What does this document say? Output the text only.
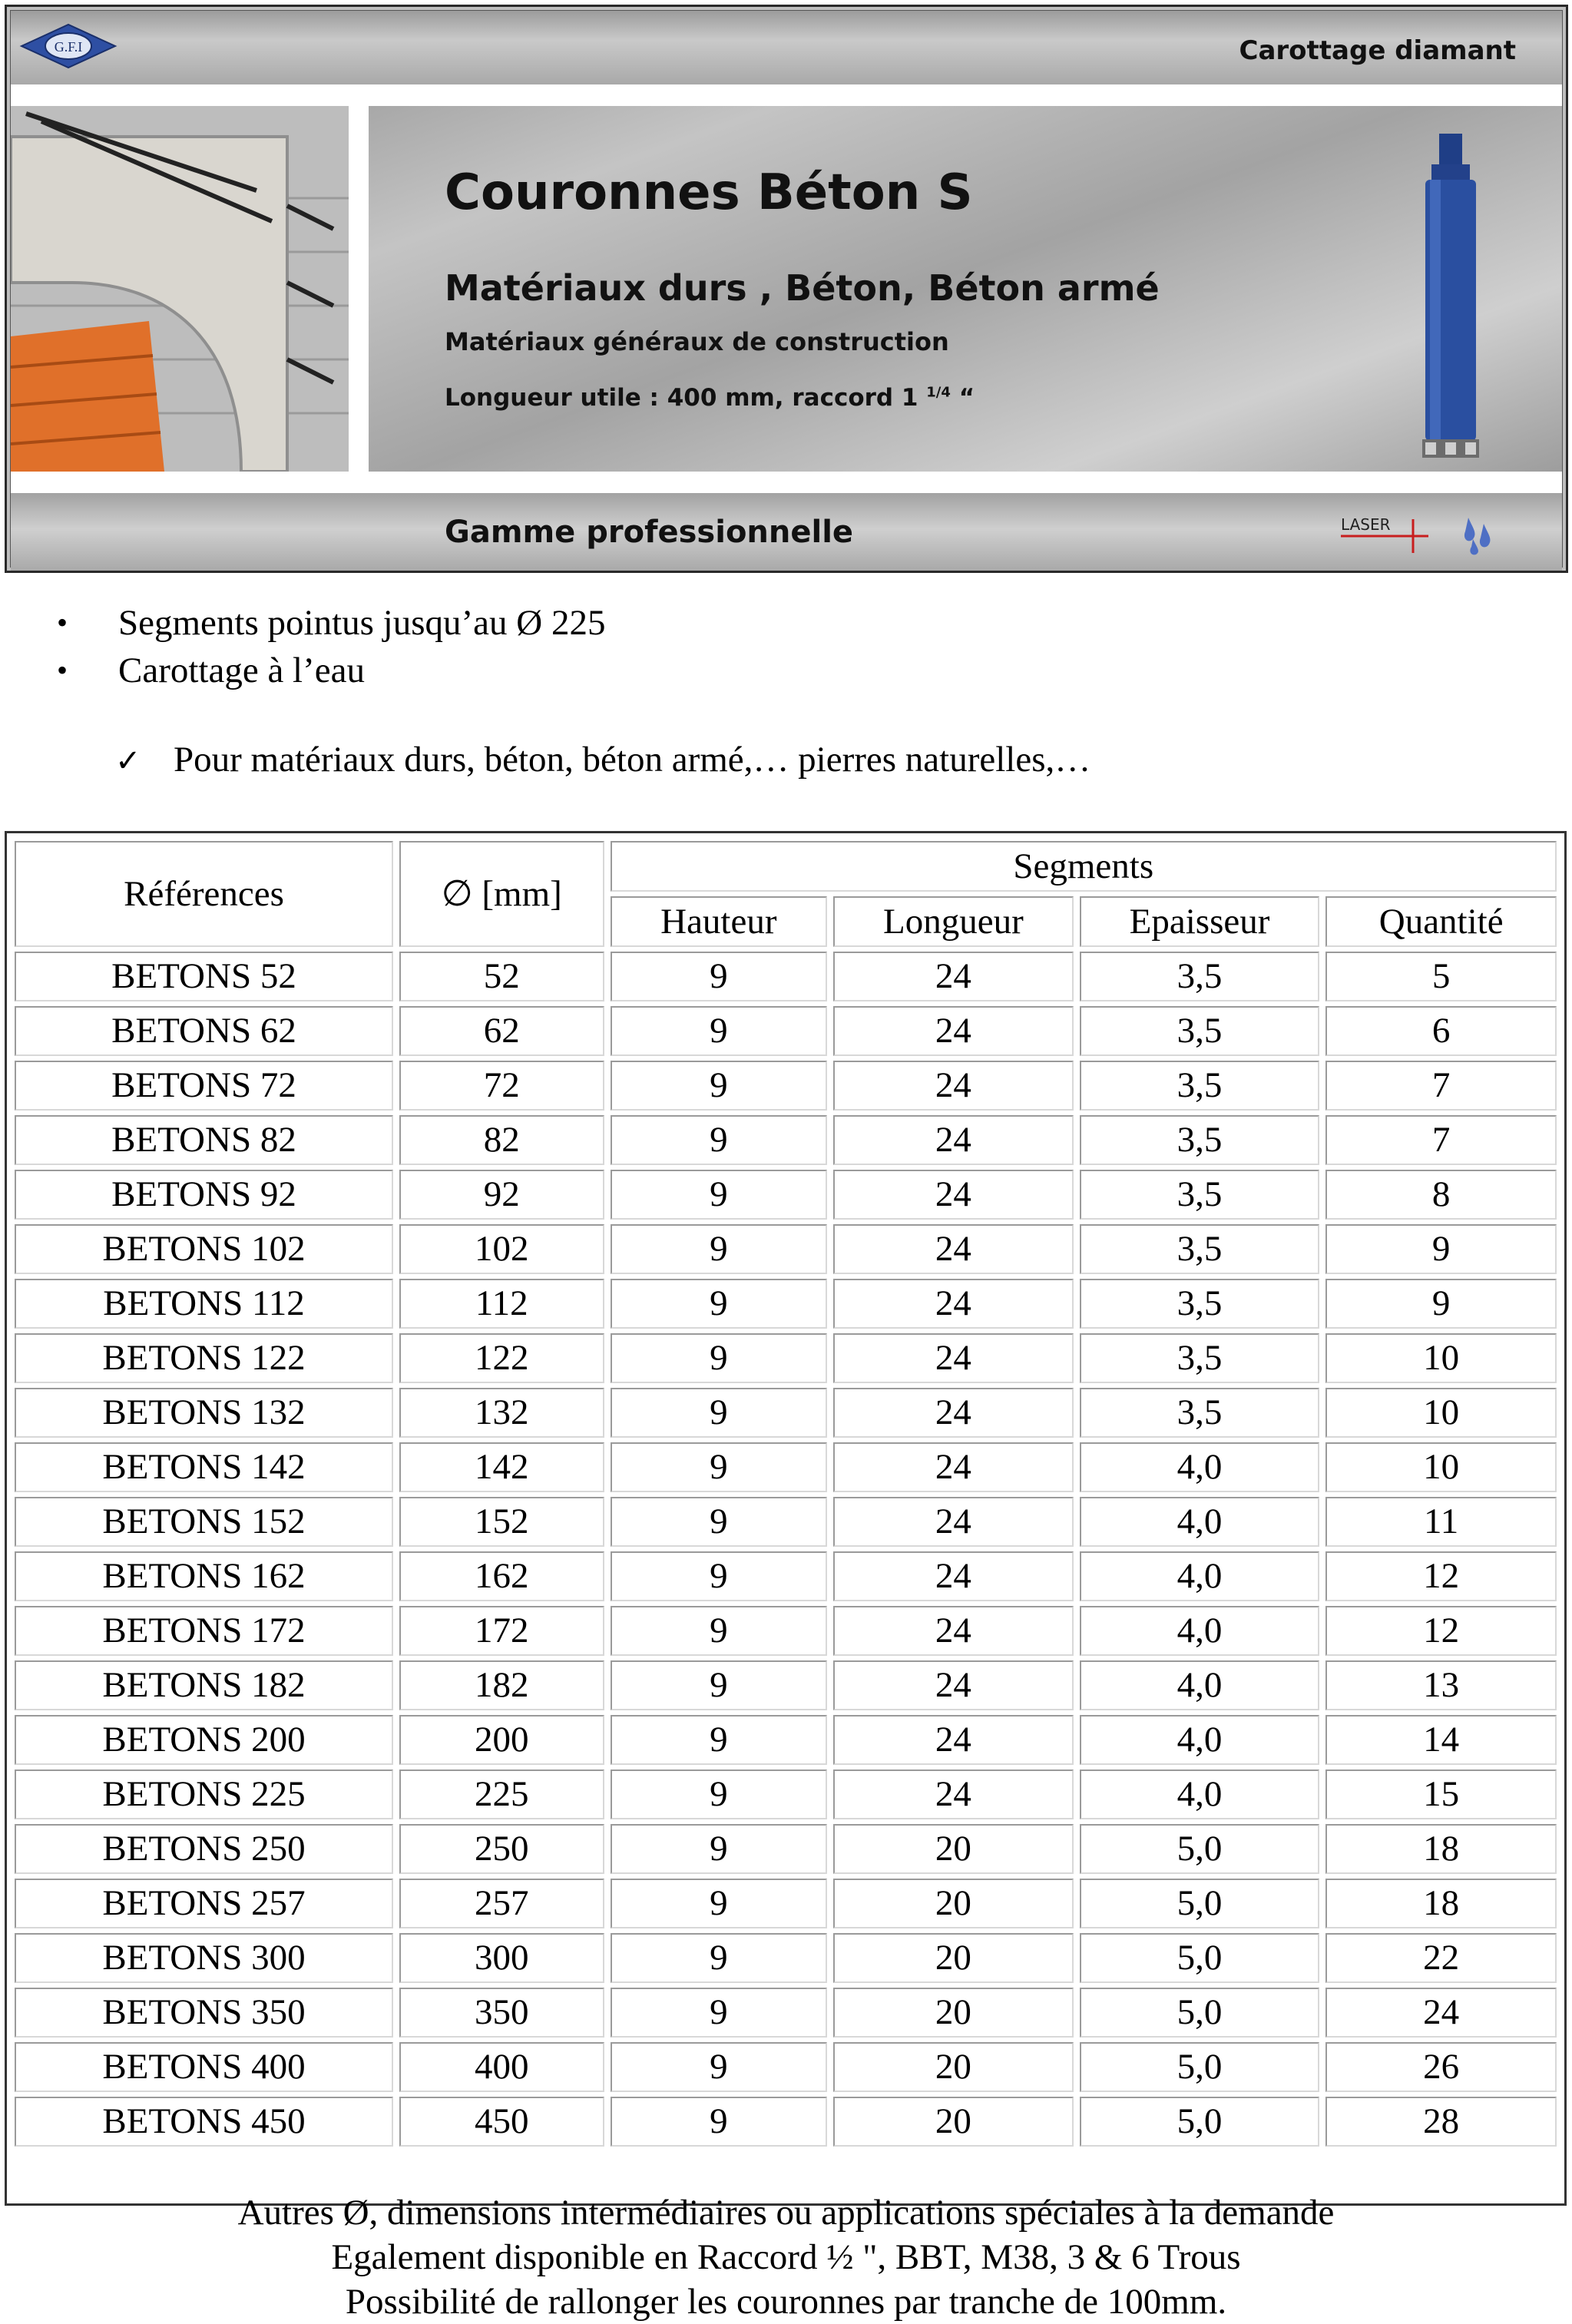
G.F.I	Carottage diamant
Couronnes Béton S
Matériaux durs , Béton, Béton armé
Matériaux généraux de construction
Longueur utile : 400 mm, raccord 1 $^{1/4}$ “
Gamme professionnelle	LASER
• Segments pointus jusqu’au Ø 225
• Carottage à l’eau
✓ Pour matériaux durs, béton, béton armé,… pierres naturelles,…
Références	∅ [mm]	Segments			
		Hauteur	Longueur	Epaisseur	Quantité
BETONS 52	52	9	24	3,5	5
BETONS 62	62	9	24	3,5	6
BETONS 72	72	9	24	3,5	7
BETONS 82	82	9	24	3,5	7
BETONS 92	92	9	24	3,5	8
BETONS 102	102	9	24	3,5	9
BETONS 112	112	9	24	3,5	9
BETONS 122	122	9	24	3,5	10
BETONS 132	132	9	24	3,5	10
BETONS 142	142	9	24	4,0	10
BETONS 152	152	9	24	4,0	11
BETONS 162	162	9	24	4,0	12
BETONS 172	172	9	24	4,0	12
BETONS 182	182	9	24	4,0	13
BETONS 200	200	9	24	4,0	14
BETONS 225	225	9	24	4,0	15
BETONS 250	250	9	20	5,0	18
BETONS 257	257	9	20	5,0	18
BETONS 300	300	9	20	5,0	22
BETONS 350	350	9	20	5,0	24
BETONS 400	400	9	20	5,0	26
BETONS 450	450	9	20	5,0	28
Autres Ø, dimensions intermédiaires ou applications spéciales à la demande
Egalement disponible en Raccord ½ ", BBT, M38, 3 & 6 Trous
Possibilité de rallonger les couronnes par tranche de 100mm.
